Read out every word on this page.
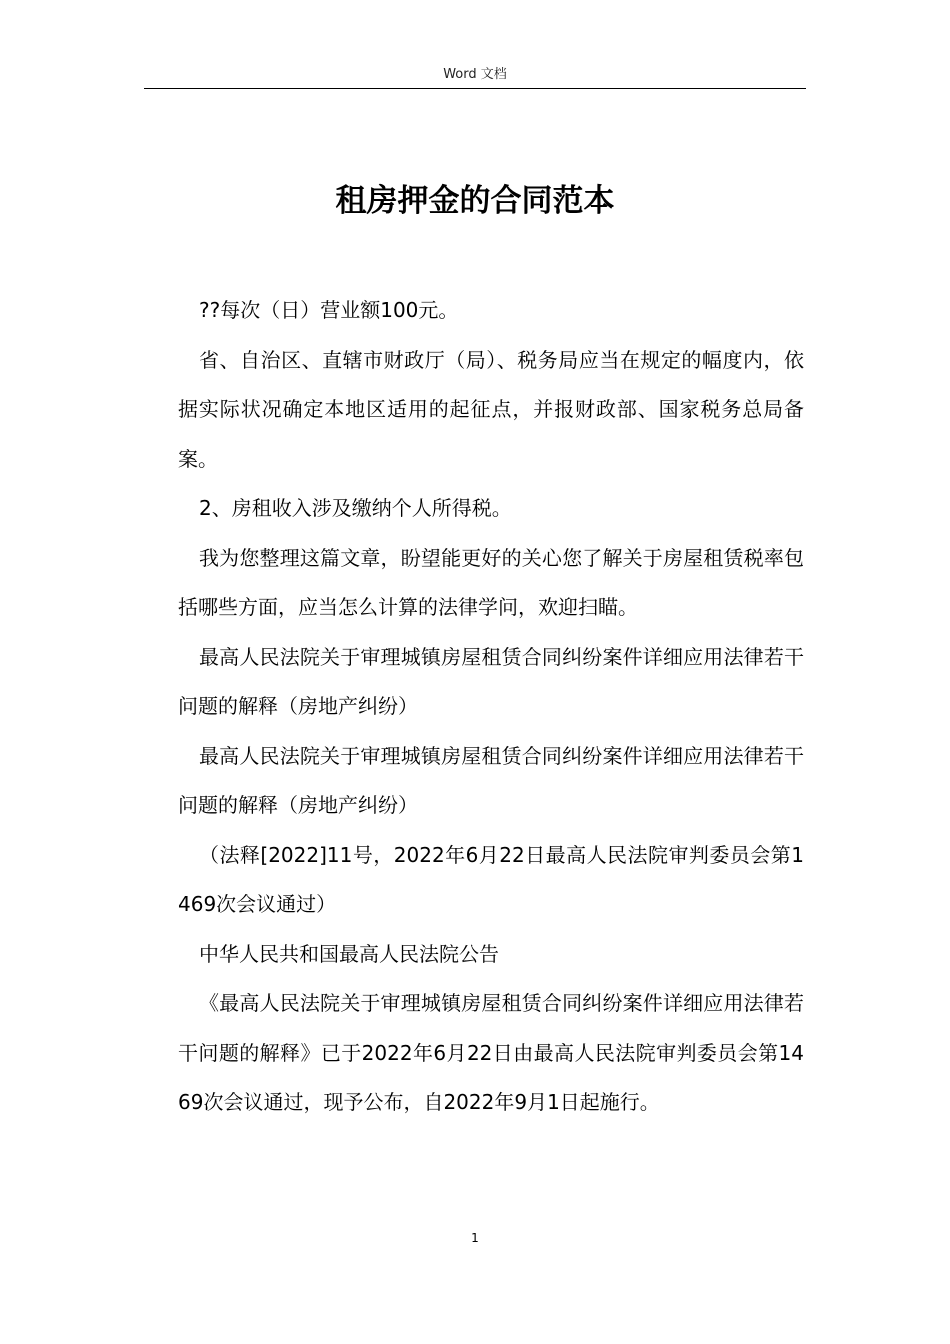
Word 文档
租房押金的合同范本

??每次（日）营业额100元。

省、自治区、直辖市财政厅（局）、税务局应当在规定的幅度内，依据实际状况确定本地区适用的起征点，并报财政部、国家税务总局备案。

2、房租收入涉及缴纳个人所得税。

我为您整理这篇文章，盼望能更好的关心您了解关于房屋租赁税率包括哪些方面，应当怎么计算的法律学问，欢迎扫瞄。

最高人民法院关于审理城镇房屋租赁合同纠纷案件详细应用法律若干问题的解释（房地产纠纷）

最高人民法院关于审理城镇房屋租赁合同纠纷案件详细应用法律若干问题的解释（房地产纠纷）

（法释[2022]11号，2022年6月22日最高人民法院审判委员会第1469次会议通过）

中华人民共和国最高人民法院公告

《最高人民法院关于审理城镇房屋租赁合同纠纷案件详细应用法律若干问题的解释》已于2022年6月22日由最高人民法院审判委员会第1469次会议通过，现予公布，自2022年9月1日起施行。

1
